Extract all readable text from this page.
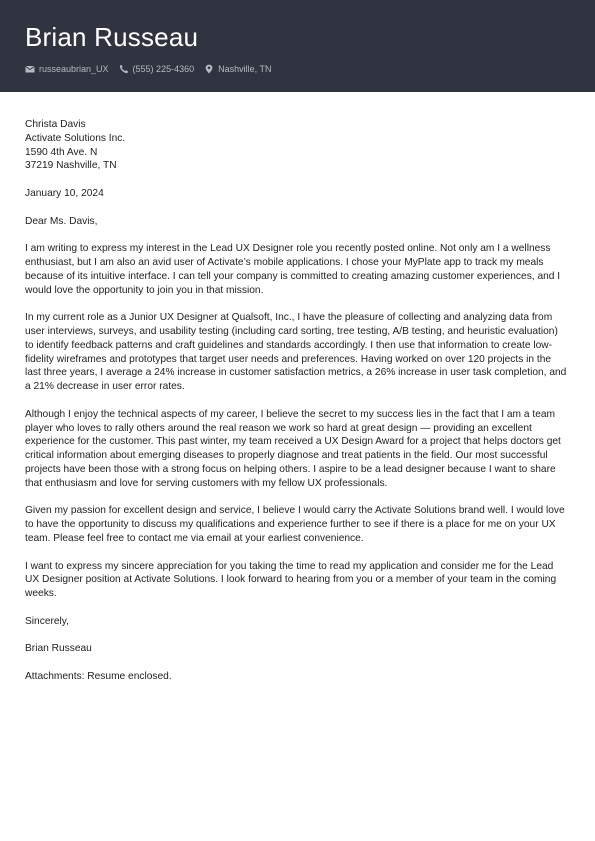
Brian Russeau
russeaubrian_UX	(555) 225-4360	Nashville, TN
Christa Davis
Activate Solutions Inc.
1590 4th Ave. N
37219 Nashville, TN
January 10, 2024
Dear Ms. Davis,

I am writing to express my interest in the Lead UX Designer role you recently posted online. Not only am I a wellness enthusiast, but I am also an avid user of Activate’s mobile applications. I chose your MyPlate app to track my meals because of its intuitive interface. I can tell your company is committed to creating amazing customer experiences, and I would love the opportunity to join you in that mission.

In my current role as a Junior UX Designer at Qualsoft, Inc., I have the pleasure of collecting and analyzing data from user interviews, surveys, and usability testing (including card sorting, tree testing, A/B testing, and heuristic evaluation) to identify feedback patterns and craft guidelines and standards accordingly. I then use that information to create low-fidelity wireframes and prototypes that target user needs and preferences. Having worked on over 120 projects in the last three years, I average a 24% increase in customer satisfaction metrics, a 26% increase in user task completion, and a 21% decrease in user error rates.

Although I enjoy the technical aspects of my career, I believe the secret to my success lies in the fact that I am a team player who loves to rally others around the real reason we work so hard at great design — providing an excellent experience for the customer. This past winter, my team received a UX Design Award for a project that helps doctors get critical information about emerging diseases to properly diagnose and treat patients in the field. Our most successful projects have been those with a strong focus on helping others. I aspire to be a lead designer because I want to share that enthusiasm and love for serving customers with my fellow UX professionals.

Given my passion for excellent design and service, I believe I would carry the Activate Solutions brand well. I would love to have the opportunity to discuss my qualifications and experience further to see if there is a place for me on your UX team. Please feel free to contact me via email at your earliest convenience.

I want to express my sincere appreciation for you taking the time to read my application and consider me for the Lead UX Designer position at Activate Solutions. I look forward to hearing from you or a member of your team in the coming weeks.

Sincerely,
Brian Russeau
Attachments: Resume enclosed.
